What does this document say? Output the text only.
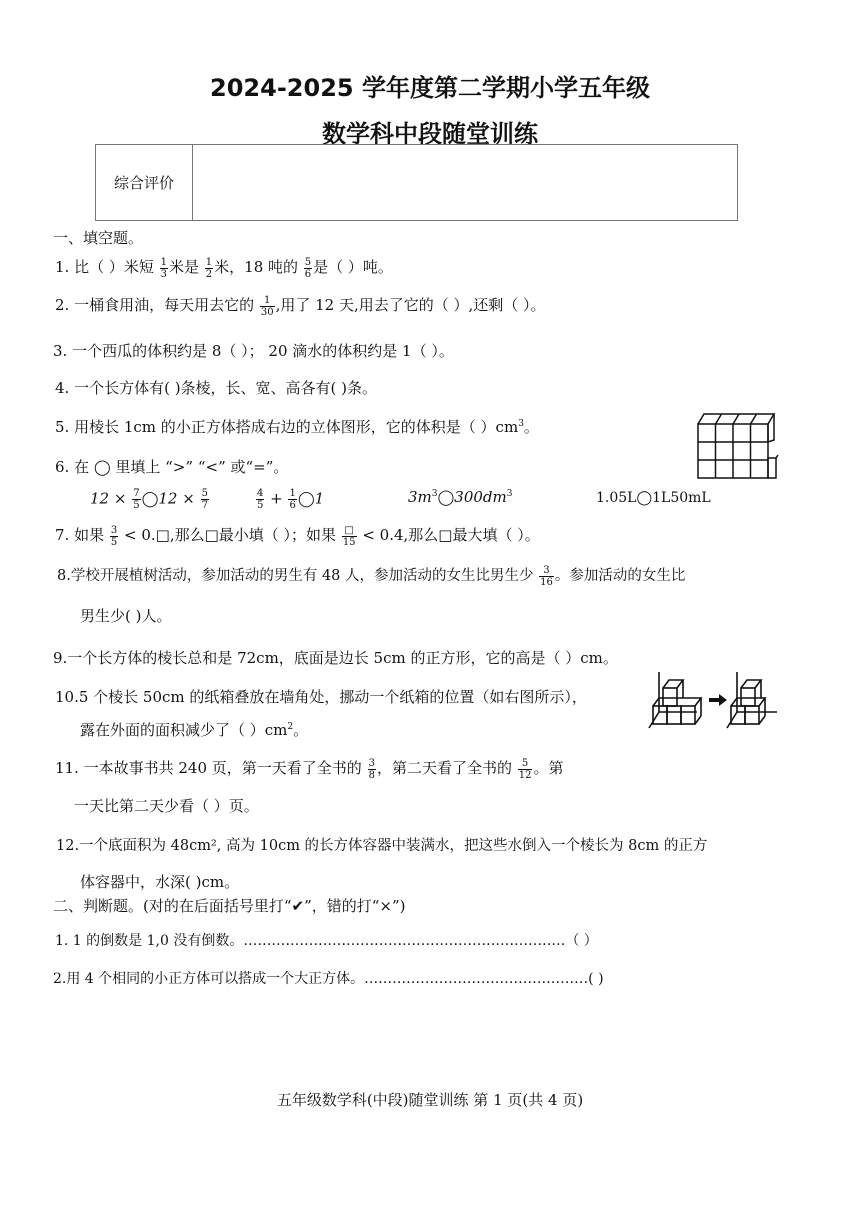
2024-2025 学年度第二学期小学五年级
数学科中段随堂训练
综合评价
一、填空题。
1. 比（ ）米短 $\frac{1}{3}$ 米是 $\frac{1}{2}$ 米，18 吨的 $\frac{5}{6}$ 是（ ）吨。
2. 一桶食用油，每天用去它的 $\frac{1}{30}$ ,用了 12 天,用去了它的（ ）,还剩（ ）。
3. 一个西瓜的体积约是 8（ ）； 20 滴水的体积约是 1（ ）。
4. 一个长方体有( )条棱，长、宽、高各有( )条。
5. 用棱长 1cm 的小正方体搭成右边的立体图形，它的体积是（ ）$cm^3$。
6. 在 ◯ 里填上 “>” “<” 或“=”。
$12 \times \frac{7}{5}$ ◯12 × $\frac{5}{7}$	$\frac{4}{5} + \frac{1}{6}$ ◯1	$3m^3◯300dm^3$	1.05L◯1L50mL
7. 如果 $\frac{3}{5}$ < 0.□,那么□最小填（ ）；如果 $\frac{□}{15} < 0.4$,那么□最大填（ ）。
8.学校开展植树活动，参加活动的男生有 48 人，参加活动的女生比男生少 $\frac{3}{16}$ 。参加活动的女生比
男生少( )人。
9.一个长方体的棱长总和是 72cm，底面是边长 5cm 的正方形，它的高是（ ）cm。
10.5 个棱长 50cm 的纸箱叠放在墙角处，挪动一个纸箱的位置（如右图所示），
露在外面的面积减少了（ ）$cm^2$。
11. 一本故事书共 240 页，第一天看了全书的 $\frac{3}{8}$ ，第二天看了全书的 $\frac{5}{12}$ 。第
一天比第二天少看（ ）页。
12.一个底面积为 48cm², 高为 10cm 的长方体容器中装满水，把这些水倒入一个棱长为 8cm 的正方
体容器中，水深( )cm。
二、判断题。(对的在后面括号里打“✔”，错的打“×”)
1. 1 的倒数是 1,0 没有倒数。……………………………………………………………（ ）
2.用 4 个相同的小正方体可以搭成一个大正方体。…………………………………………( )
五年级数学科(中段)随堂训练 第 1 页(共 4 页)
